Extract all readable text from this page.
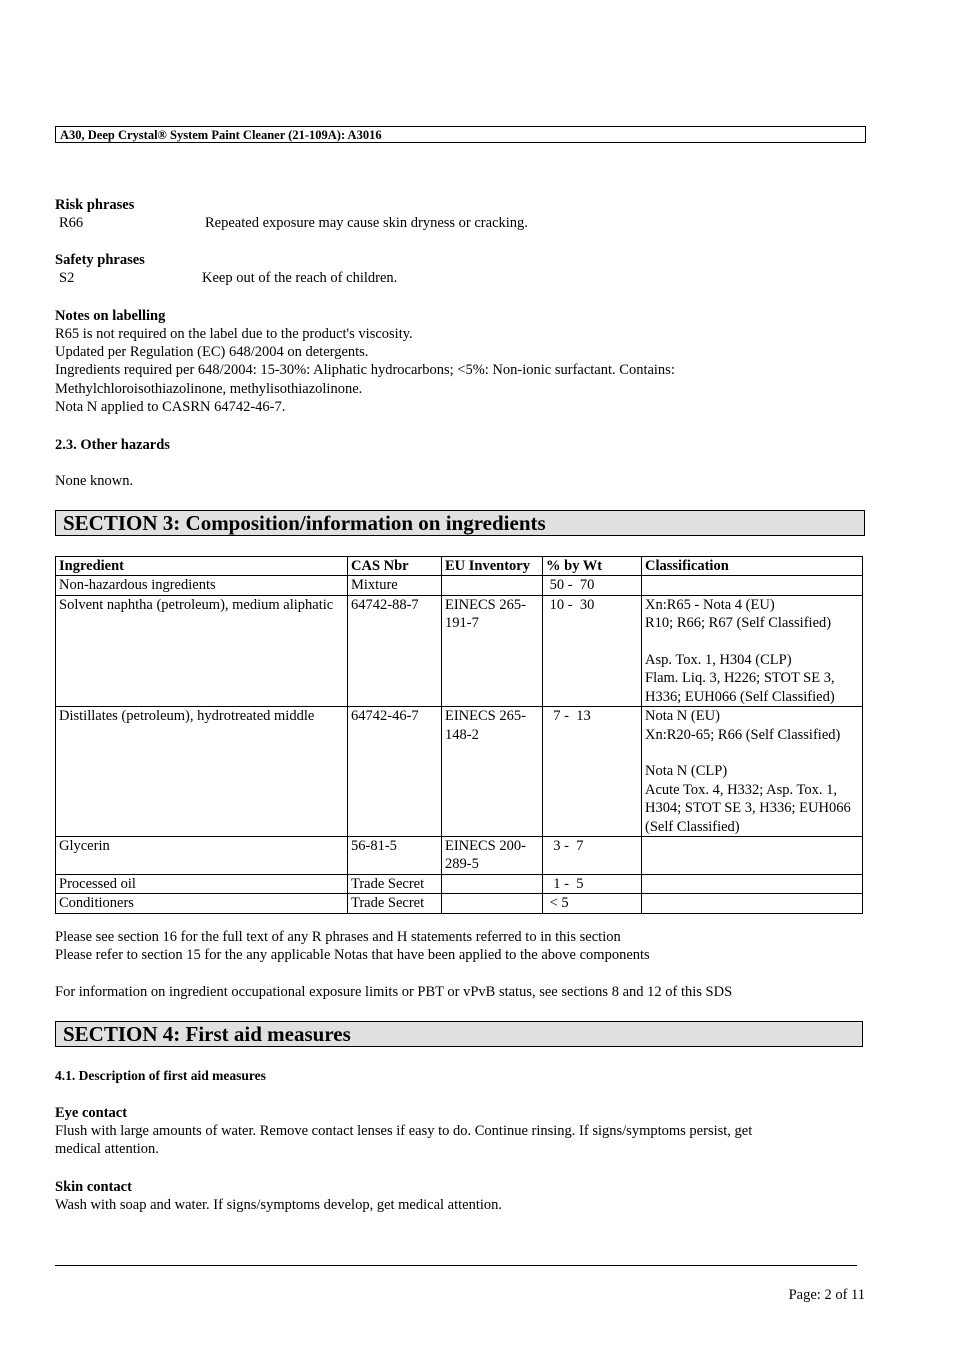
A30, Deep Crystal® System Paint Cleaner (21-109A): A3016
Risk phrases
R66	Repeated exposure may cause skin dryness or cracking.
Safety phrases
S2	Keep out of the reach of children.
Notes on labelling
R65 is not required on the label due to the product's viscosity.
Updated per Regulation (EC) 648/2004 on detergents.
Ingredients required per 648/2004: 15-30%: Aliphatic hydrocarbons; <5%: Non-ionic surfactant. Contains:
Methylchloroisothiazolinone, methylisothiazolinone.
Nota N applied to CASRN 64742-46-7.
2.3. Other hazards
None known.
SECTION 3: Composition/information on ingredients
Ingredient	CAS Nbr	EU Inventory	% by Wt	Classification
Non-hazardous ingredients	Mixture		50 -  70	
Solvent naphtha (petroleum), medium aliphatic	64742-88-7	EINECS 265-191-7	10 -  30	Xn:R65 - Nota 4 (EU)
R10; R66; R67 (Self Classified)
Asp. Tox. 1, H304 (CLP)
Flam. Liq. 3, H226; STOT SE 3, H336; EUH066 (Self Classified)

Distillates (petroleum), hydrotreated middle	64742-46-7	EINECS 265-148-2	7 -  13	Nota N (EU)
Xn:R20-65; R66 (Self Classified)
Nota N (CLP)
Acute Tox. 4, H332; Asp. Tox. 1, H304; STOT SE 3, H336; EUH066 (Self Classified)

Glycerin	56-81-5	EINECS 200-289-5	3 -  7	
Processed oil	Trade Secret		1 -  5	
Conditioners	Trade Secret		< 5	
Please see section 16 for the full text of any R phrases and H statements referred to in this section
Please refer to section 15 for the any applicable Notas that have been applied to the above components
For information on ingredient occupational exposure limits or PBT or vPvB status, see sections 8 and 12 of this SDS
SECTION 4: First aid measures
4.1. Description of first aid measures
Eye contact
Flush with large amounts of water. Remove contact lenses if easy to do. Continue rinsing. If signs/symptoms persist, get
medical attention.
Skin contact
Wash with soap and water. If signs/symptoms develop, get medical attention.
Page: 2 of 11
